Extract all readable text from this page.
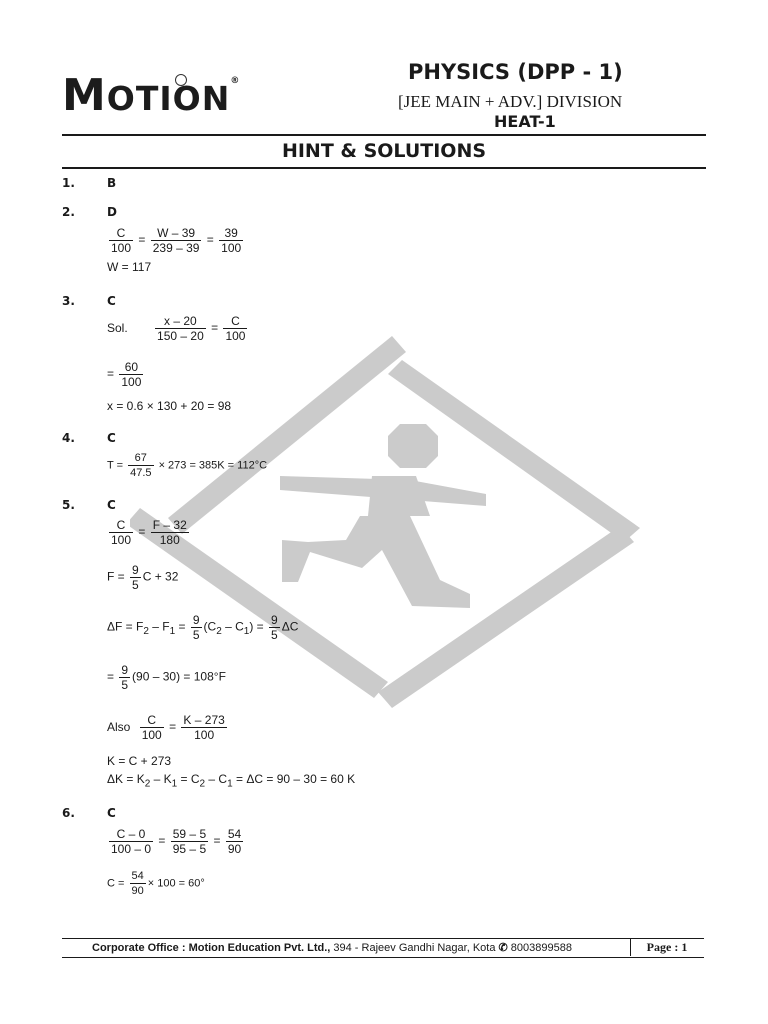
MOTION®	PHYSICS (DPP - 1)
[JEE MAIN + ADV.] DIVISION
HEAT-1
HINT & SOLUTIONS
1.	B
2.	D
$\frac{C}{100} = \frac{W - 39}{239 - 39} = \frac{39}{100}$
W = 117
3.	C
Sol. $\frac{x - 20}{150 - 20} = \frac{C}{100}$
= $\frac{60}{100}$
x = 0.6 × 130 + 20 = 98
4.	C
$T = \frac{67}{47.5} \times 273 = 385K = 112^\circ C$
5.	C
$\frac{C}{100} = \frac{F - 32}{180}$
$F = \frac{9}{5}$ C + 32
$\Delta F = F_2 - F_1 = \frac{9}{5} (C_2 - C_1) = \frac{9}{5}$ ΔC
= $\frac{9}{5} (90 - 30) = 108^\circ F$
Also $\frac{C}{100} = \frac{K - 273}{100}$
K = C + 273
$\Delta K = K_2 - K_1 = C_2 - C_1 = \Delta C = 90 - 30 = 60$ K
6.	C
$\frac{C - 0}{100 - 0} = \frac{59 - 5}{95 - 5} = \frac{54}{90}$
$C = \frac{54}{90} \times 100 = 60^\circ$
Corporate Office : Motion Education Pvt. Ltd., 394 - Rajeev Gandhi Nagar, Kota ✆ 8003899588	Page : 1
